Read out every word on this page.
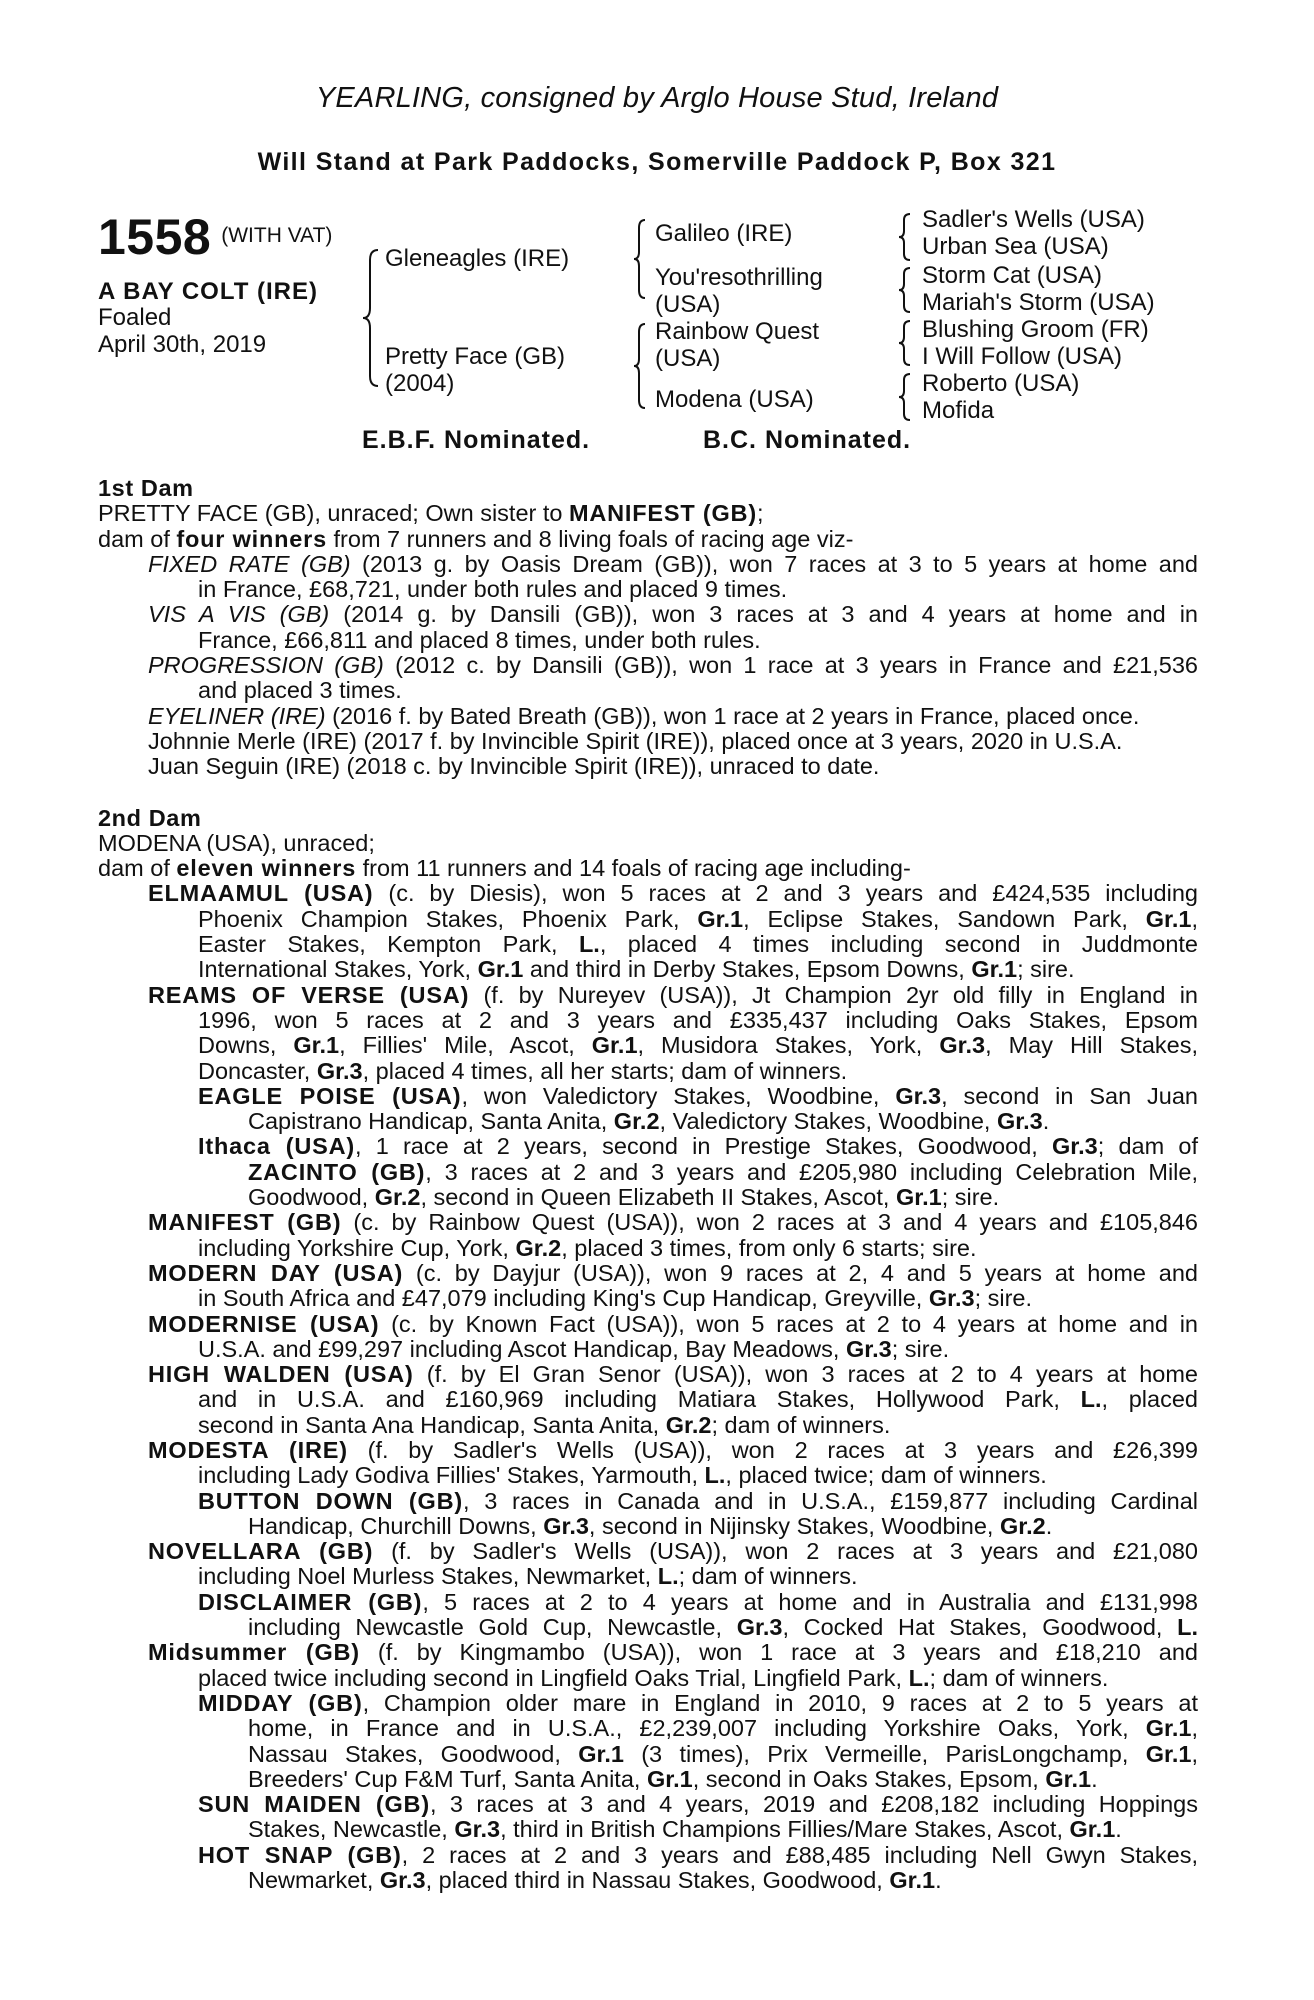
YEARLING, consigned by Arglo House Stud, Ireland
Will Stand at Park Paddocks, Somerville Paddock P, Box 321
1558 (WITH VAT)
A BAY COLT (IRE)
Foaled
April 30th, 2019
Gleneagles (IRE)
Pretty Face (GB)
(2004)
Galileo (IRE)
You'resothrilling
(USA)
Rainbow Quest
(USA)
Modena (USA)
Sadler's Wells (USA)
Urban Sea (USA)
Storm Cat (USA)
Mariah's Storm (USA)
Blushing Groom (FR)
I Will Follow (USA)
Roberto (USA)
Mofida
E.B.F. Nominated.	B.C. Nominated.
1st Dam
PRETTY FACE (GB), unraced; Own sister to MANIFEST (GB);
dam of four winners from 7 runners and 8 living foals of racing age viz-
FIXED RATE (GB) (2013 g. by Oasis Dream (GB)), won 7 races at 3 to 5 years at home and
in France, £68,721, under both rules and placed 9 times.
VIS A VIS (GB) (2014 g. by Dansili (GB)), won 3 races at 3 and 4 years at home and in
France, £66,811 and placed 8 times, under both rules.
PROGRESSION (GB) (2012 c. by Dansili (GB)), won 1 race at 3 years in France and £21,536
and placed 3 times.
EYELINER (IRE) (2016 f. by Bated Breath (GB)), won 1 race at 2 years in France, placed once.
Johnnie Merle (IRE) (2017 f. by Invincible Spirit (IRE)), placed once at 3 years, 2020 in U.S.A.
Juan Seguin (IRE) (2018 c. by Invincible Spirit (IRE)), unraced to date.
2nd Dam
MODENA (USA), unraced;
dam of eleven winners from 11 runners and 14 foals of racing age including-
ELMAAMUL (USA) (c. by Diesis), won 5 races at 2 and 3 years and £424,535 including
Phoenix Champion Stakes, Phoenix Park, Gr.1, Eclipse Stakes, Sandown Park, Gr.1,
Easter Stakes, Kempton Park, L., placed 4 times including second in Juddmonte
International Stakes, York, Gr.1 and third in Derby Stakes, Epsom Downs, Gr.1; sire.
REAMS OF VERSE (USA) (f. by Nureyev (USA)), Jt Champion 2yr old filly in England in
1996, won 5 races at 2 and 3 years and £335,437 including Oaks Stakes, Epsom
Downs, Gr.1, Fillies' Mile, Ascot, Gr.1, Musidora Stakes, York, Gr.3, May Hill Stakes,
Doncaster, Gr.3, placed 4 times, all her starts; dam of winners.
EAGLE POISE (USA), won Valedictory Stakes, Woodbine, Gr.3, second in San Juan
Capistrano Handicap, Santa Anita, Gr.2, Valedictory Stakes, Woodbine, Gr.3.
Ithaca (USA), 1 race at 2 years, second in Prestige Stakes, Goodwood, Gr.3; dam of
ZACINTO (GB), 3 races at 2 and 3 years and £205,980 including Celebration Mile,
Goodwood, Gr.2, second in Queen Elizabeth II Stakes, Ascot, Gr.1; sire.
MANIFEST (GB) (c. by Rainbow Quest (USA)), won 2 races at 3 and 4 years and £105,846
including Yorkshire Cup, York, Gr.2, placed 3 times, from only 6 starts; sire.
MODERN DAY (USA) (c. by Dayjur (USA)), won 9 races at 2, 4 and 5 years at home and
in South Africa and £47,079 including King's Cup Handicap, Greyville, Gr.3; sire.
MODERNISE (USA) (c. by Known Fact (USA)), won 5 races at 2 to 4 years at home and in
U.S.A. and £99,297 including Ascot Handicap, Bay Meadows, Gr.3; sire.
HIGH WALDEN (USA) (f. by El Gran Senor (USA)), won 3 races at 2 to 4 years at home
and in U.S.A. and £160,969 including Matiara Stakes, Hollywood Park, L., placed
second in Santa Ana Handicap, Santa Anita, Gr.2; dam of winners.
MODESTA (IRE) (f. by Sadler's Wells (USA)), won 2 races at 3 years and £26,399
including Lady Godiva Fillies' Stakes, Yarmouth, L., placed twice; dam of winners.
BUTTON DOWN (GB), 3 races in Canada and in U.S.A., £159,877 including Cardinal
Handicap, Churchill Downs, Gr.3, second in Nijinsky Stakes, Woodbine, Gr.2.
NOVELLARA (GB) (f. by Sadler's Wells (USA)), won 2 races at 3 years and £21,080
including Noel Murless Stakes, Newmarket, L.; dam of winners.
DISCLAIMER (GB), 5 races at 2 to 4 years at home and in Australia and £131,998
including Newcastle Gold Cup, Newcastle, Gr.3, Cocked Hat Stakes, Goodwood, L.
Midsummer (GB) (f. by Kingmambo (USA)), won 1 race at 3 years and £18,210 and
placed twice including second in Lingfield Oaks Trial, Lingfield Park, L.; dam of winners.
MIDDAY (GB), Champion older mare in England in 2010, 9 races at 2 to 5 years at
home, in France and in U.S.A., £2,239,007 including Yorkshire Oaks, York, Gr.1,
Nassau Stakes, Goodwood, Gr.1 (3 times), Prix Vermeille, ParisLongchamp, Gr.1,
Breeders' Cup F&M Turf, Santa Anita, Gr.1, second in Oaks Stakes, Epsom, Gr.1.
SUN MAIDEN (GB), 3 races at 3 and 4 years, 2019 and £208,182 including Hoppings
Stakes, Newcastle, Gr.3, third in British Champions Fillies/Mare Stakes, Ascot, Gr.1.
HOT SNAP (GB), 2 races at 2 and 3 years and £88,485 including Nell Gwyn Stakes,
Newmarket, Gr.3, placed third in Nassau Stakes, Goodwood, Gr.1.
